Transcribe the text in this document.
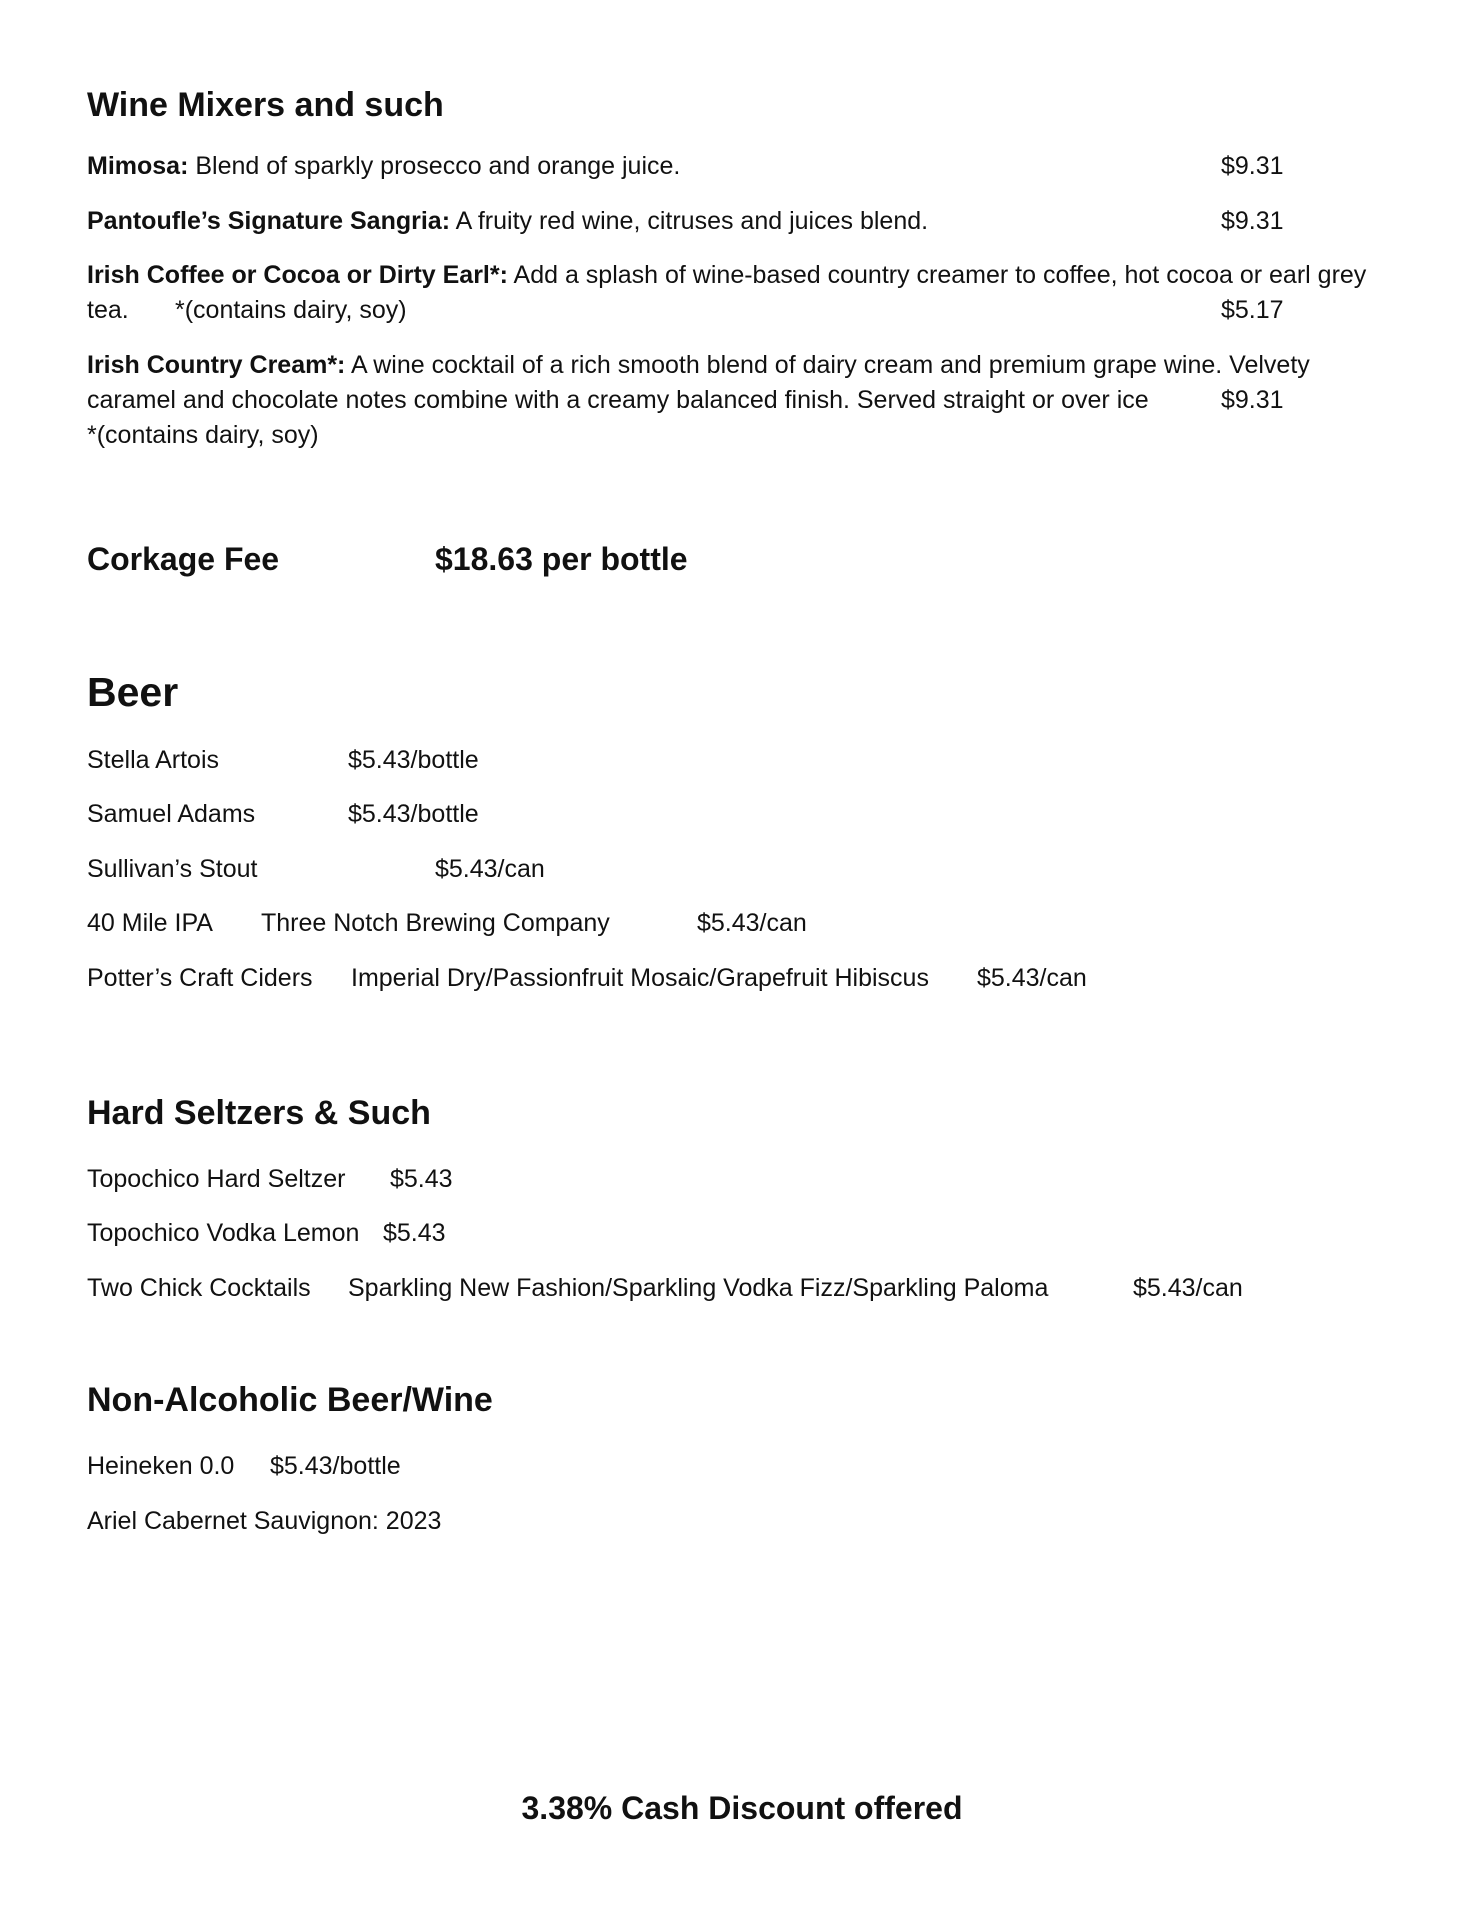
Wine Mixers and such
Mimosa: Blend of sparkly prosecco and orange juice.	$9.31
Pantoufle’s Signature Sangria: A fruity red wine, citruses and juices blend.	$9.31
Irish Coffee or Cocoa or Dirty Earl*: Add a splash of wine-based country creamer to coffee, hot cocoa or earl grey
tea. *(contains dairy, soy)	$5.17
Irish Country Cream*: A wine cocktail of a rich smooth blend of dairy cream and premium grape wine. Velvety
caramel and chocolate notes combine with a creamy balanced finish. Served straight or over ice	$9.31
*(contains dairy, soy)
Corkage Fee	$18.63 per bottle
Beer
Stella Artois	$5.43/bottle
Samuel Adams	$5.43/bottle
Sullivan’s Stout	$5.43/can
40 Mile IPA Three Notch Brewing Company	$5.43/can
Potter’s Craft Ciders Imperial Dry/Passionfruit Mosaic/Grapefruit Hibiscus $5.43/can
Hard Seltzers & Such
Topochico Hard Seltzer $5.43
Topochico Vodka Lemon $5.43
Two Chick Cocktails Sparkling New Fashion/Sparkling Vodka Fizz/Sparkling Paloma	$5.43/can
Non-Alcoholic Beer/Wine
Heineken 0.0 $5.43/bottle
Ariel Cabernet Sauvignon: 2023
3.38% Cash Discount offered
